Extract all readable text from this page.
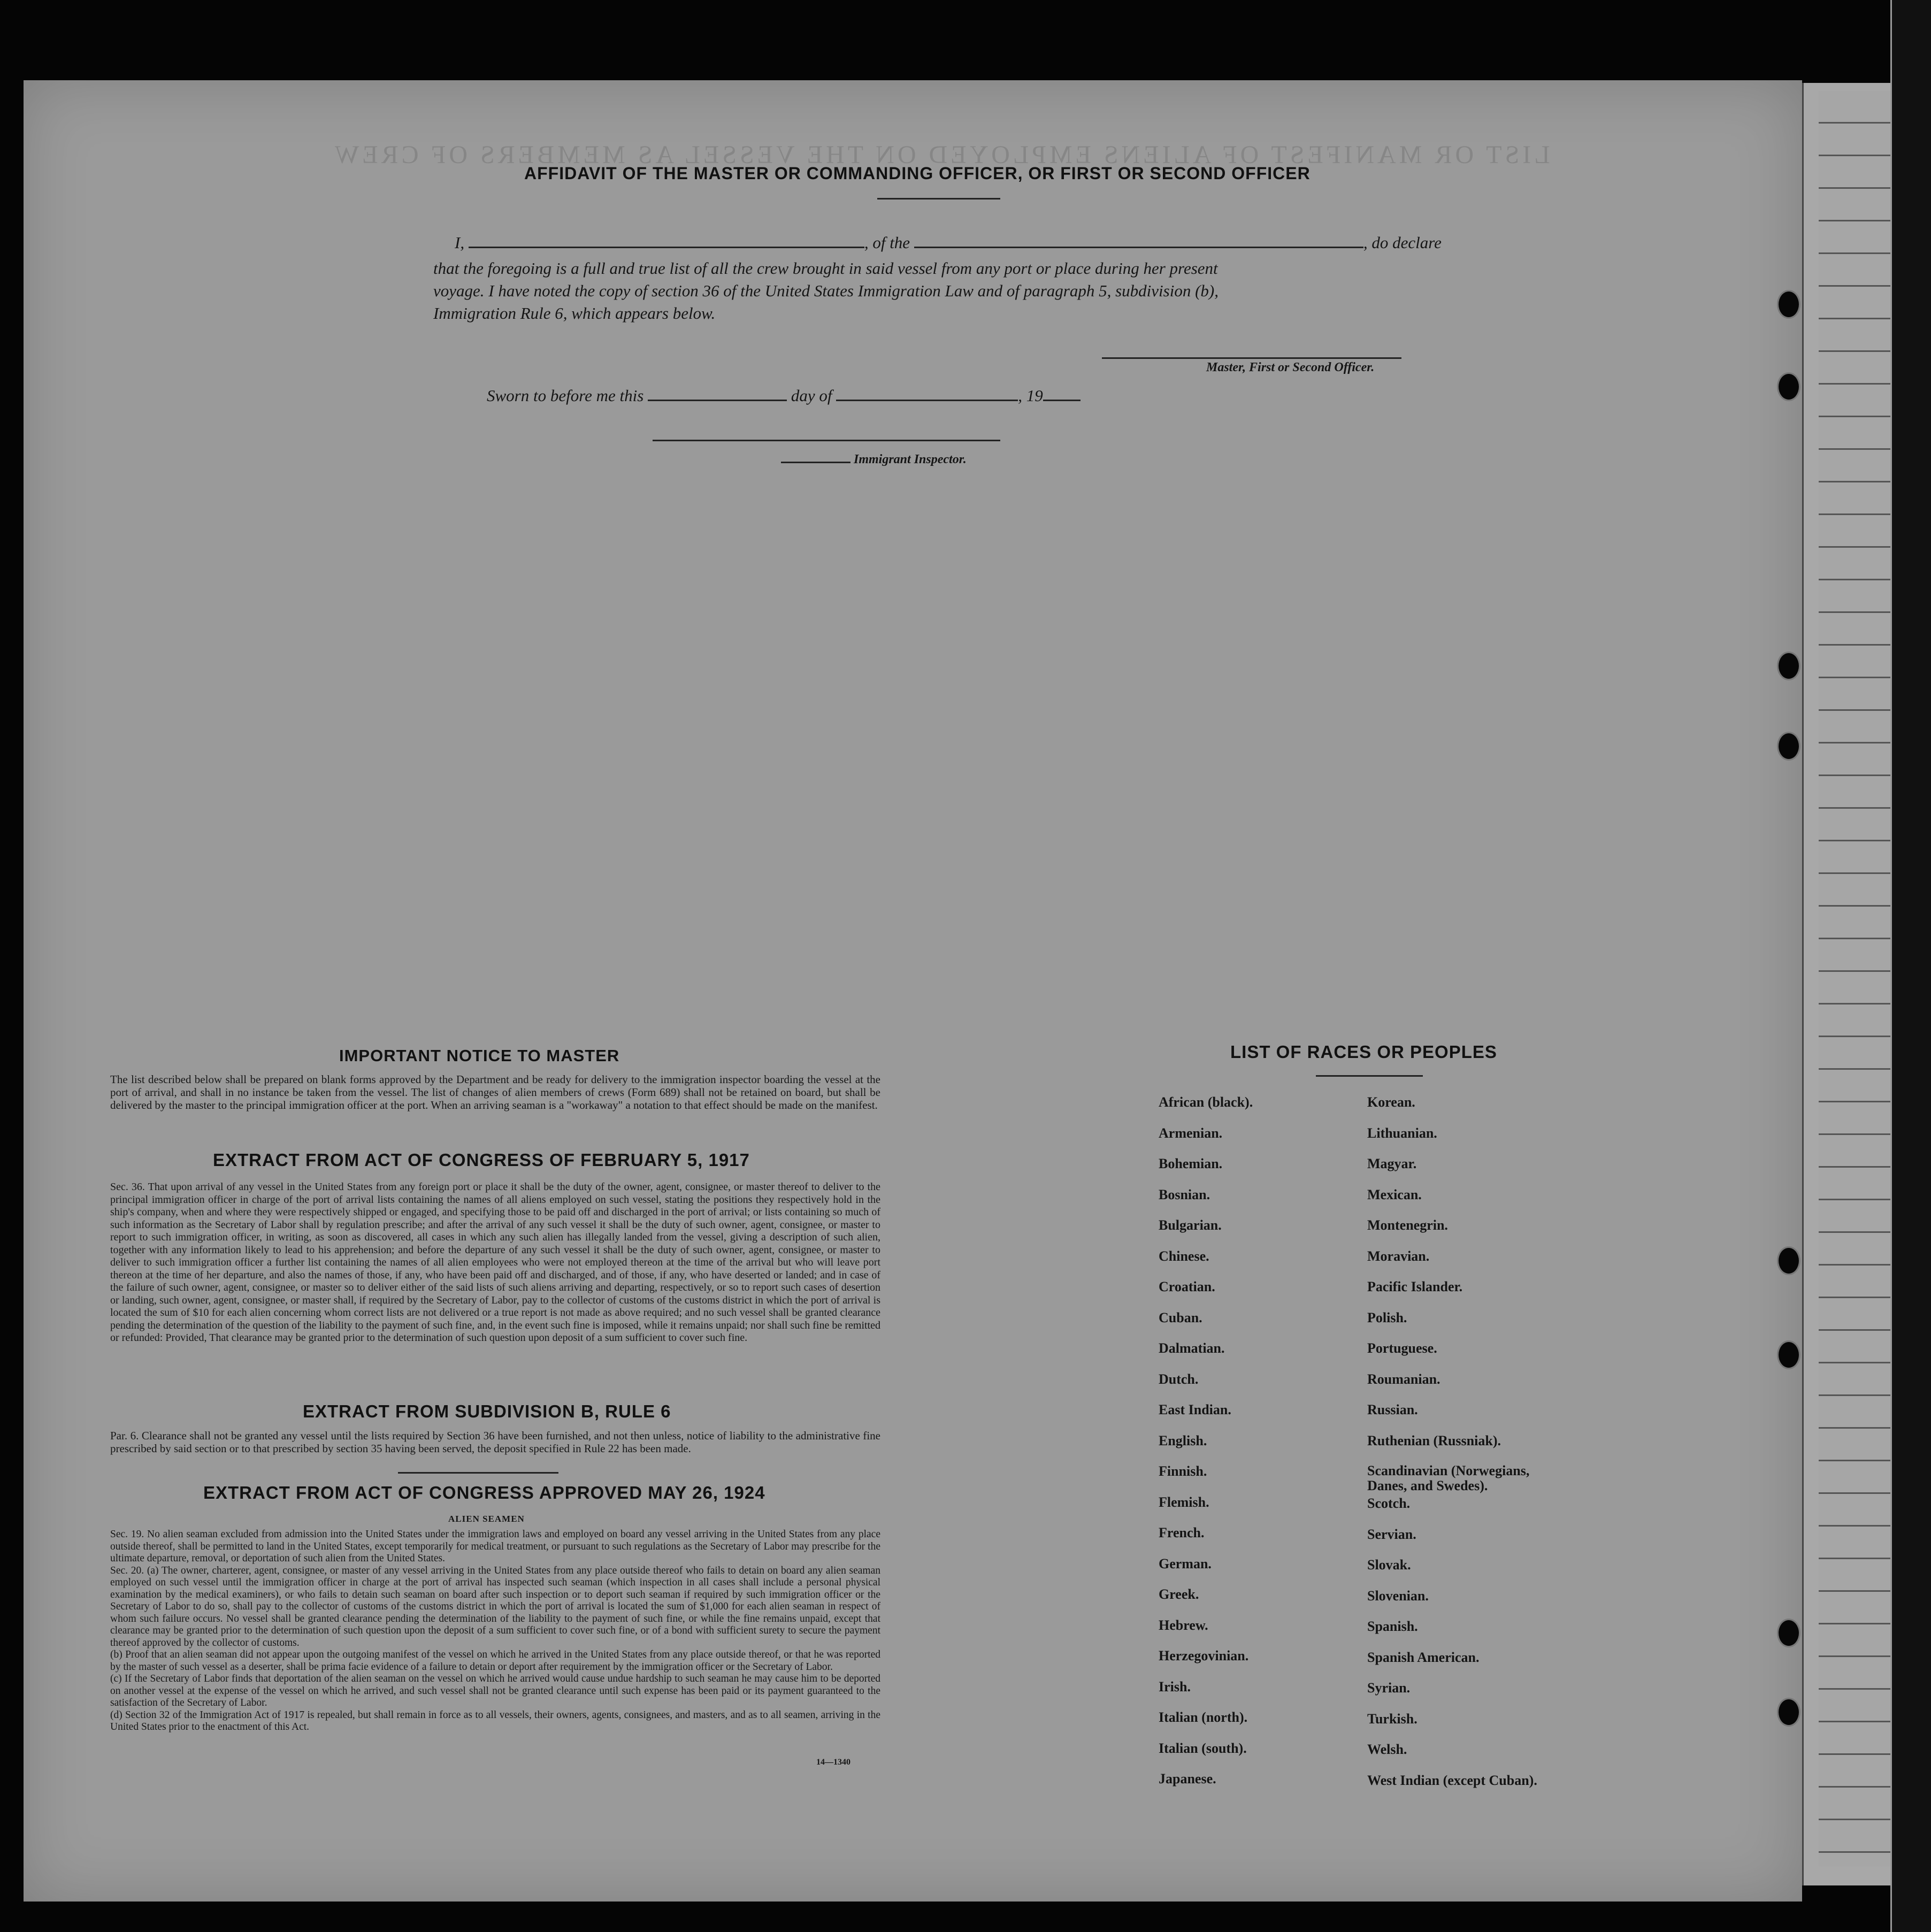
LIST OR MANIFEST OF ALIENS EMPLOYED ON THE VESSEL AS MEMBERS OF CREW
AFFIDAVIT OF THE MASTER OR COMMANDING OFFICER, OR FIRST OR SECOND OFFICER
I,	, of the	, do declare
that the foregoing is a full and true list of all the crew brought in said vessel from any port or place during her present
voyage. I have noted the copy of section 36 of the United States Immigration Law and of paragraph 5, subdivision (b),
Immigration Rule 6, which appears below.
Master, First or Second Officer.
Sworn to before me this	day of	, 19
Immigrant Inspector.
IMPORTANT NOTICE TO MASTER
The list described below shall be prepared on blank forms approved by the Department and be ready for delivery to the immigration inspector boarding the vessel at the port of arrival, and shall in no instance be taken from the vessel. The list of changes of alien members of crews (Form 689) shall not be retained on board, but shall be delivered by the master to the principal immigration officer at the port. When an arriving seaman is a "workaway" a notation to that effect should be made on the manifest.
EXTRACT FROM ACT OF CONGRESS OF FEBRUARY 5, 1917
Sec. 36. That upon arrival of any vessel in the United States from any foreign port or place it shall be the duty of the owner, agent, consignee, or master thereof to deliver to the principal immigration officer in charge of the port of arrival lists containing the names of all aliens employed on such vessel, stating the positions they respectively hold in the ship's company, when and where they were respectively shipped or engaged, and specifying those to be paid off and discharged in the port of arrival; or lists containing so much of such information as the Secretary of Labor shall by regulation prescribe; and after the arrival of any such vessel it shall be the duty of such owner, agent, consignee, or master to report to such immigration officer, in writing, as soon as discovered, all cases in which any such alien has illegally landed from the vessel, giving a description of such alien, together with any information likely to lead to his apprehension; and before the departure of any such vessel it shall be the duty of such owner, agent, consignee, or master to deliver to such immigration officer a further list containing the names of all alien employees who were not employed thereon at the time of the arrival but who will leave port thereon at the time of her departure, and also the names of those, if any, who have been paid off and discharged, and of those, if any, who have deserted or landed; and in case of the failure of such owner, agent, consignee, or master so to deliver either of the said lists of such aliens arriving and departing, respectively, or so to report such cases of desertion or landing, such owner, agent, consignee, or master shall, if required by the Secretary of Labor, pay to the collector of customs of the customs district in which the port of arrival is located the sum of $10 for each alien concerning whom correct lists are not delivered or a true report is not made as above required; and no such vessel shall be granted clearance pending the determination of the question of the liability to the payment of such fine, and, in the event such fine is imposed, while it remains unpaid; nor shall such fine be remitted or refunded: Provided, That clearance may be granted prior to the determination of such question upon deposit of a sum sufficient to cover such fine.
EXTRACT FROM SUBDIVISION B, RULE 6
Par. 6. Clearance shall not be granted any vessel until the lists required by Section 36 have been furnished, and not then unless, notice of liability to the administrative fine prescribed by said section or to that prescribed by section 35 having been served, the deposit specified in Rule 22 has been made.
EXTRACT FROM ACT OF CONGRESS APPROVED MAY 26, 1924
ALIEN SEAMEN
Sec. 19. No alien seaman excluded from admission into the United States under the immigration laws and employed on board any vessel arriving in the United States from any place outside thereof, shall be permitted to land in the United States, except temporarily for medical treatment, or pursuant to such regulations as the Secretary of Labor may prescribe for the ultimate departure, removal, or deportation of such alien from the United States.
Sec. 20. (a) The owner, charterer, agent, consignee, or master of any vessel arriving in the United States from any place outside thereof who fails to detain on board any alien seaman employed on such vessel until the immigration officer in charge at the port of arrival has inspected such seaman (which inspection in all cases shall include a personal physical examination by the medical examiners), or who fails to detain such seaman on board after such inspection or to deport such seaman if required by such immigration officer or the Secretary of Labor to do so, shall pay to the collector of customs of the customs district in which the port of arrival is located the sum of $1,000 for each alien seaman in respect of whom such failure occurs. No vessel shall be granted clearance pending the determination of the liability to the payment of such fine, or while the fine remains unpaid, except that clearance may be granted prior to the determination of such question upon the deposit of a sum sufficient to cover such fine, or of a bond with sufficient surety to secure the payment thereof approved by the collector of customs.
(b) Proof that an alien seaman did not appear upon the outgoing manifest of the vessel on which he arrived in the United States from any place outside thereof, or that he was reported by the master of such vessel as a deserter, shall be prima facie evidence of a failure to detain or deport after requirement by the immigration officer or the Secretary of Labor.
(c) If the Secretary of Labor finds that deportation of the alien seaman on the vessel on which he arrived would cause undue hardship to such seaman he may cause him to be deported on another vessel at the expense of the vessel on which he arrived, and such vessel shall not be granted clearance until such expense has been paid or its payment guaranteed to the satisfaction of the Secretary of Labor.
(d) Section 32 of the Immigration Act of 1917 is repealed, but shall remain in force as to all vessels, their owners, agents, consignees, and masters, and as to all seamen, arriving in the United States prior to the enactment of this Act.
14—1340
LIST OF RACES OR PEOPLES
African (black).
Armenian.
Bohemian.
Bosnian.
Bulgarian.
Chinese.
Croatian.
Cuban.
Dalmatian.
Dutch.
East Indian.
English.
Finnish.
Flemish.
French.
German.
Greek.
Hebrew.
Herzegovinian.
Irish.
Italian (north).
Italian (south).
Japanese.
Korean.
Lithuanian.
Magyar.
Mexican.
Montenegrin.
Moravian.
Pacific Islander.
Polish.
Portuguese.
Roumanian.
Russian.
Ruthenian (Russniak).
Scandinavian (Norwegians, Danes, and Swedes).
Scotch.
Servian.
Slovak.
Slovenian.
Spanish.
Spanish American.
Syrian.
Turkish.
Welsh.
West Indian (except Cuban).
